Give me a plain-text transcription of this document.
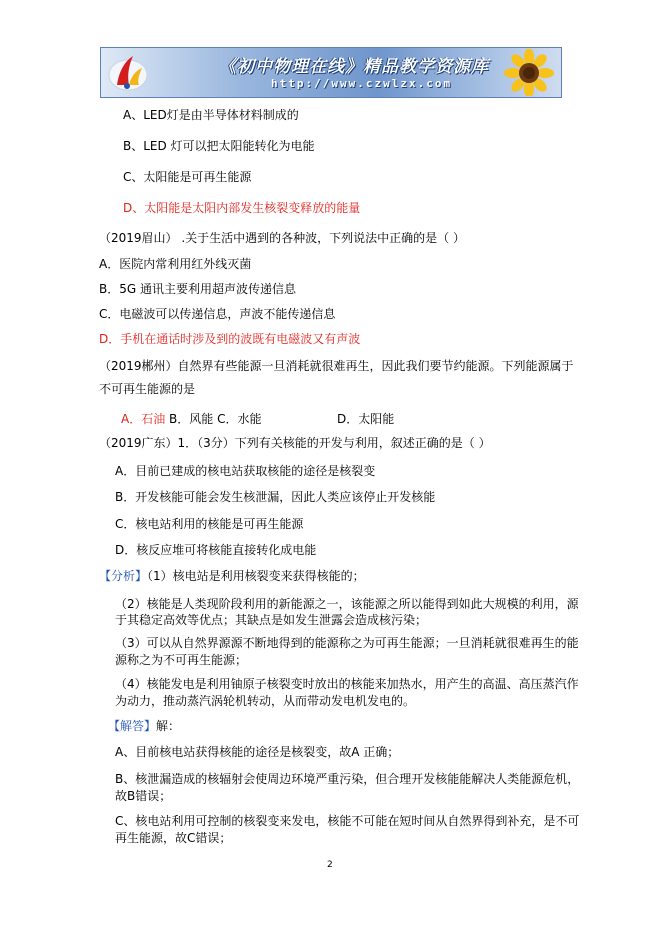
《初中物理在线》精品教学资源库
http://www.czwlzx.com
A、LED灯是由半导体材料制成的
B、LED 灯可以把太阳能转化为电能
C、太阳能是可再生能源
D、太阳能是太阳内部发生核裂变释放的能量
（2019眉山） .关于生活中遇到的各种波，下列说法中正确的是（ ）
A．医院内常利用红外线灭菌
B．5G 通讯主要利用超声波传递信息
C．电磁波可以传递信息，声波不能传递信息
D．手机在通话时涉及到的波既有电磁波又有声波
（2019郴州）自然界有些能源一旦消耗就很难再生，因此我们要节约能源。下列能源属于
不可再生能源的是
A．石油 B．风能 C．水能	D．太阳能
（2019广东）1．（3分）下列有关核能的开发与利用，叙述正确的是（ ）
A．目前已建成的核电站获取核能的途径是核裂变
B．开发核能可能会发生核泄漏，因此人类应该停止开发核能
C．核电站利用的核能是可再生能源
D．核反应堆可将核能直接转化成电能
【分析】（1）核电站是利用核裂变来获得核能的；
（2）核能是人类现阶段利用的新能源之一，该能源之所以能得到如此大规模的利用，源
于其稳定高效等优点；其缺点是如发生泄露会造成核污染；
（3）可以从自然界源源不断地得到的能源称之为可再生能源；一旦消耗就很难再生的能
源称之为不可再生能源；
（4）核能发电是利用铀原子核裂变时放出的核能来加热水，用产生的高温、高压蒸汽作
为动力，推动蒸汽涡轮机转动，从而带动发电机发电的。
【解答】解：
A、目前核电站获得核能的途径是核裂变，故A 正确；
B、核泄漏造成的核辐射会使周边环境严重污染，但合理开发核能能解决人类能源危机，
故B错误；
C、核电站利用可控制的核裂变来发电，核能不可能在短时间从自然界得到补充，是不可
再生能源，故C错误；
2
